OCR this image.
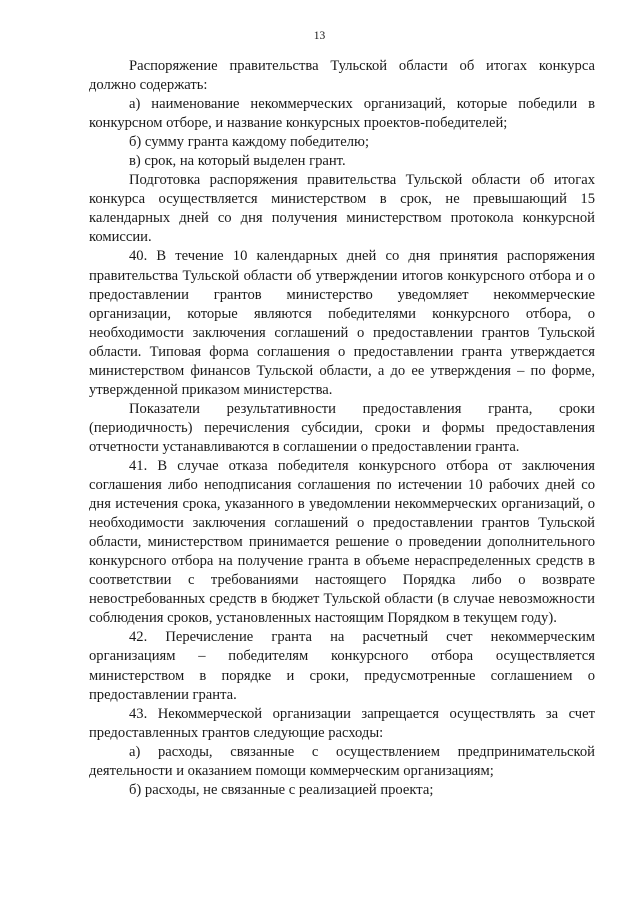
13

Распоряжение правительства Тульской области об итогах конкурса должно содержать:

а) наименование некоммерческих организаций, которые победили в конкурсном отборе, и название конкурсных проектов-победителей;

б) сумму гранта каждому победителю;

в) срок, на который выделен грант.

Подготовка распоряжения правительства Тульской области об итогах конкурса осуществляется министерством в срок, не превышающий 15 календарных дней со дня получения министерством протокола конкурсной комиссии.

40. В течение 10 календарных дней со дня принятия распоряжения правительства Тульской области об утверждении итогов конкурсного отбора и о предоставлении грантов министерство уведомляет некоммерческие организации, которые являются победителями конкурсного отбора, о необходимости заключения соглашений о предоставлении грантов Тульской области. Типовая форма соглашения о предоставлении гранта утверждается министерством финансов Тульской области, а до ее утверждения – по форме, утвержденной приказом министерства.

Показатели результативности предоставления гранта, сроки (периодичность) перечисления субсидии, сроки и формы предоставления отчетности устанавливаются в соглашении о предоставлении гранта.

41. В случае отказа победителя конкурсного отбора от заключения соглашения либо неподписания соглашения по истечении 10 рабочих дней со дня истечения срока, указанного в уведомлении некоммерческих организаций, о необходимости заключения соглашений о предоставлении грантов Тульской области, министерством принимается решение о проведении дополнительного конкурсного отбора на получение гранта в объеме нераспределенных средств в соответствии с требованиями настоящего Порядка либо о возврате невостребованных средств в бюджет Тульской области (в случае невозможности соблюдения сроков, установленных настоящим Порядком в текущем году).

42. Перечисление гранта на расчетный счет некоммерческим организациям – победителям конкурсного отбора осуществляется министерством в порядке и сроки, предусмотренные соглашением о предоставлении гранта.

43. Некоммерческой организации запрещается осуществлять за счет предоставленных грантов следующие расходы:

а) расходы, связанные с осуществлением предпринимательской деятельности и оказанием помощи коммерческим организациям;

б) расходы, не связанные с реализацией проекта;
